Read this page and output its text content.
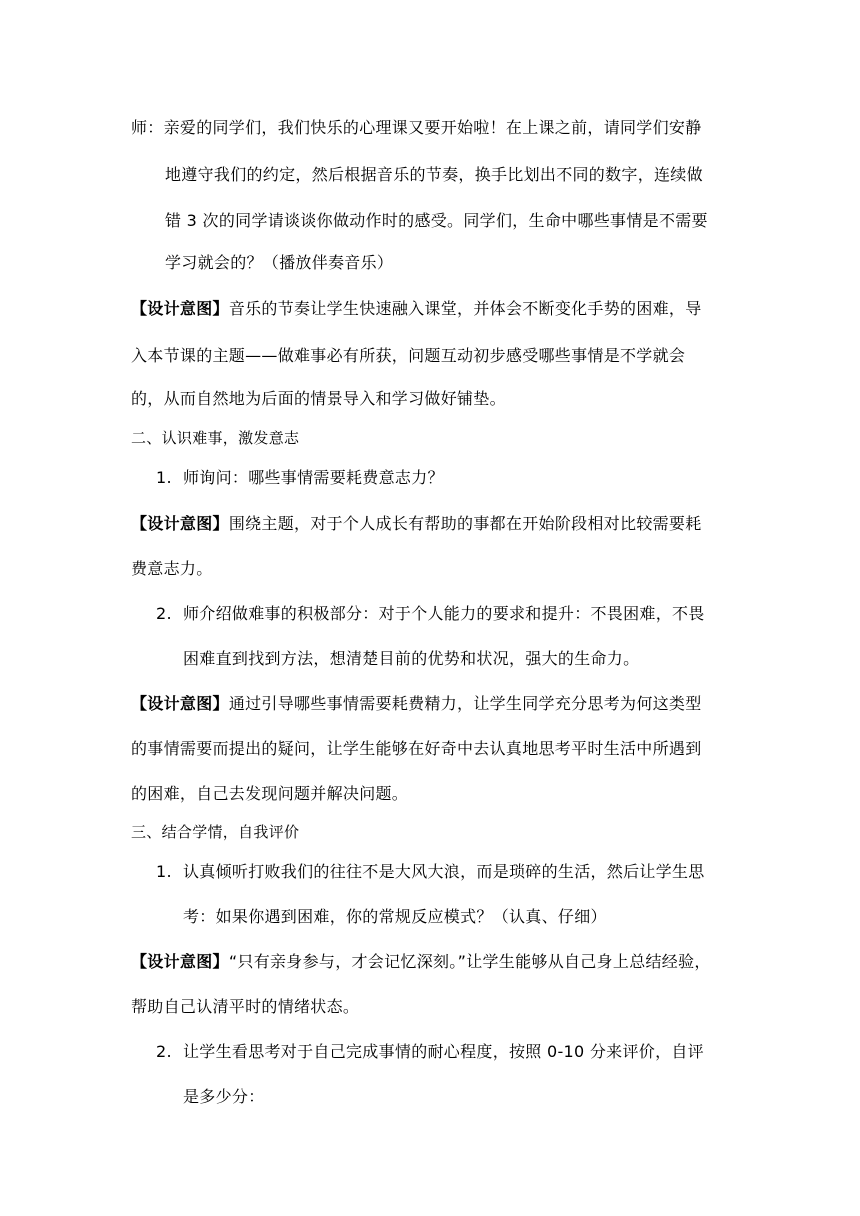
师：亲爱的同学们，我们快乐的心理课又要开始啦！在上课之前，请同学们安静
地遵守我们的约定，然后根据音乐的节奏，换手比划出不同的数字，连续做
错 3 次的同学请谈谈你做动作时的感受。同学们，生命中哪些事情是不需要
学习就会的？（播放伴奏音乐）
【设计意图】音乐的节奏让学生快速融入课堂，并体会不断变化手势的困难，导
入本节课的主题——做难事必有所获，问题互动初步感受哪些事情是不学就会
的，从而自然地为后面的情景导入和学习做好铺垫。
二、认识难事，激发意志
1. 师询问：哪些事情需要耗费意志力？
【设计意图】围绕主题，对于个人成长有帮助的事都在开始阶段相对比较需要耗
费意志力。
2. 师介绍做难事的积极部分：对于个人能力的要求和提升：不畏困难，不畏
困难直到找到方法，想清楚目前的优势和状况，强大的生命力。
【设计意图】通过引导哪些事情需要耗费精力，让学生同学充分思考为何这类型
的事情需要而提出的疑问，让学生能够在好奇中去认真地思考平时生活中所遇到
的困难，自己去发现问题并解决问题。
三、结合学情，自我评价
1. 认真倾听打败我们的往往不是大风大浪，而是琐碎的生活，然后让学生思
考：如果你遇到困难，你的常规反应模式？（认真、仔细）
【设计意图】“只有亲身参与，才会记忆深刻。”让学生能够从自己身上总结经验，
帮助自己认清平时的情绪状态。
2. 让学生看思考对于自己完成事情的耐心程度，按照 0-10 分来评价，自评
是多少分：
